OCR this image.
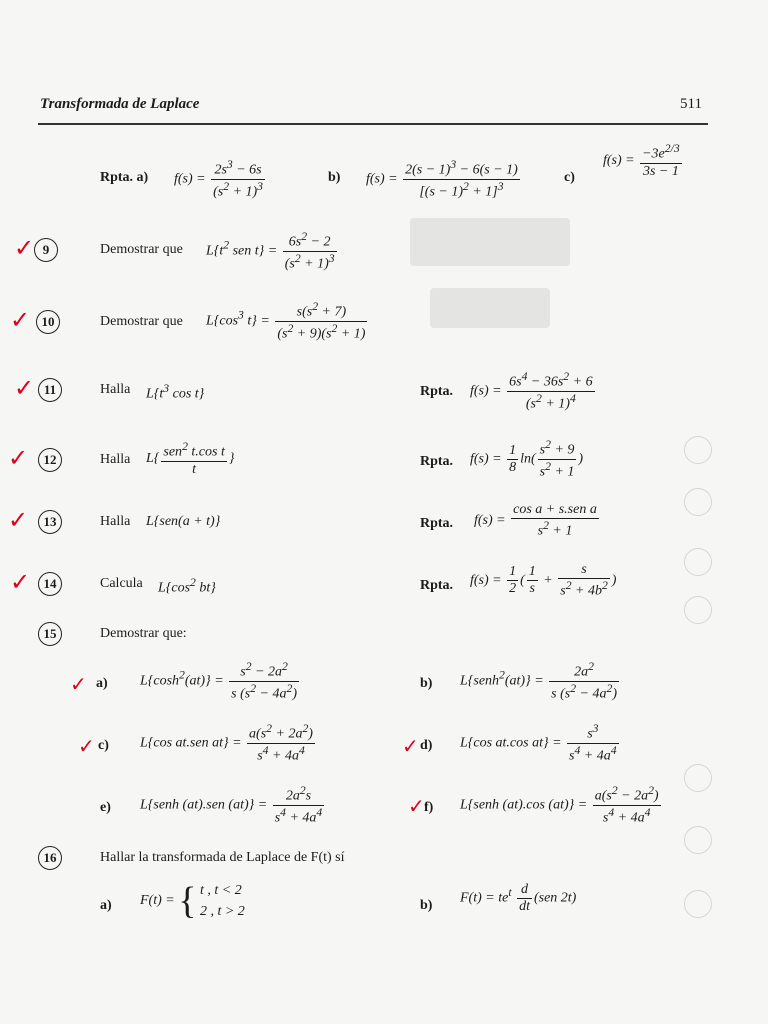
Transformada de Laplace	511
Rpta. a) $f(s) = \frac{2s^3 - 6s}{(s^2 + 1)^3}$	b) $f(s) = \frac{2(s - 1)^3 - 6(s - 1)}{[(s - 1)^2 + 1]^3}$	c)
$f(s) = \frac{-3e^{2/3}}{3s - 1}$
✓ 9	Demostrar que $L\{t^2$ sen $t\} = \frac{6s^2 - 2}{(s^2 + 1)^3}$
✓ 10	Demostrar que $L\{\cos^3$ $t\} = \frac{s(s^2 + 7)}{(s^2 + 9)(s^2 + 1)}$
✓ 11	Halla $L\{t^3$ cos t}	Rpta. $f(s) = \frac{6s^4 - 36s^2 + 6}{(s^2 + 1)^4}$
✓	12	Halla $L\{ \frac{sen^2 t.\cos t}{t}$ }	Rpta. $f(s) = \frac{1}{8} \ln( \frac{s^2 + 9}{s^2 + 1}$ )
✓	13	Halla L{sen(a + t)}	Rpta. $f(s) = \frac{\text{cos a + s.sen a}}{s^2 + 1}$
✓	14	Calcula $L\{\cos^2$ bt}	Rpta. $f(s) = \frac{1}{2}$ ( $\frac{1}{s} + \frac{s}{s^2 + 4b^2}$ )
15	Demostrar que:
✓ a) $L\{\cosh^2(at)\} = \frac{s^2 - 2a^2}{s (s^2 - 4a^2)}$	b) L{senh$^2$(at)} = $\frac{2a^2}{s (s^2 - 4a^2)}$
✓ c) L{cos at.sen $at\} = \frac{a(s^2 + 2a^2)}{s^4 + 4a^4}$	✓ d) L{cos at.cos $at\} = \frac{s^3}{s^4 + 4a^4}$
e) L{senh (at).sen $(at)\} = \frac{2a^2s}{s^4 + 4a^4}$	✓ f) L{senh (at).cos $(at)\} = \frac{a(s^2 - 2a^2)}{s^4 + 4a^4}$
16	Hallar la transformada de Laplace de F(t) sí
a) F(t) = { t , t < 2
2 , t > 2	b) $F(t) = te^t \frac{d}{dt} (sen$ 2t)
